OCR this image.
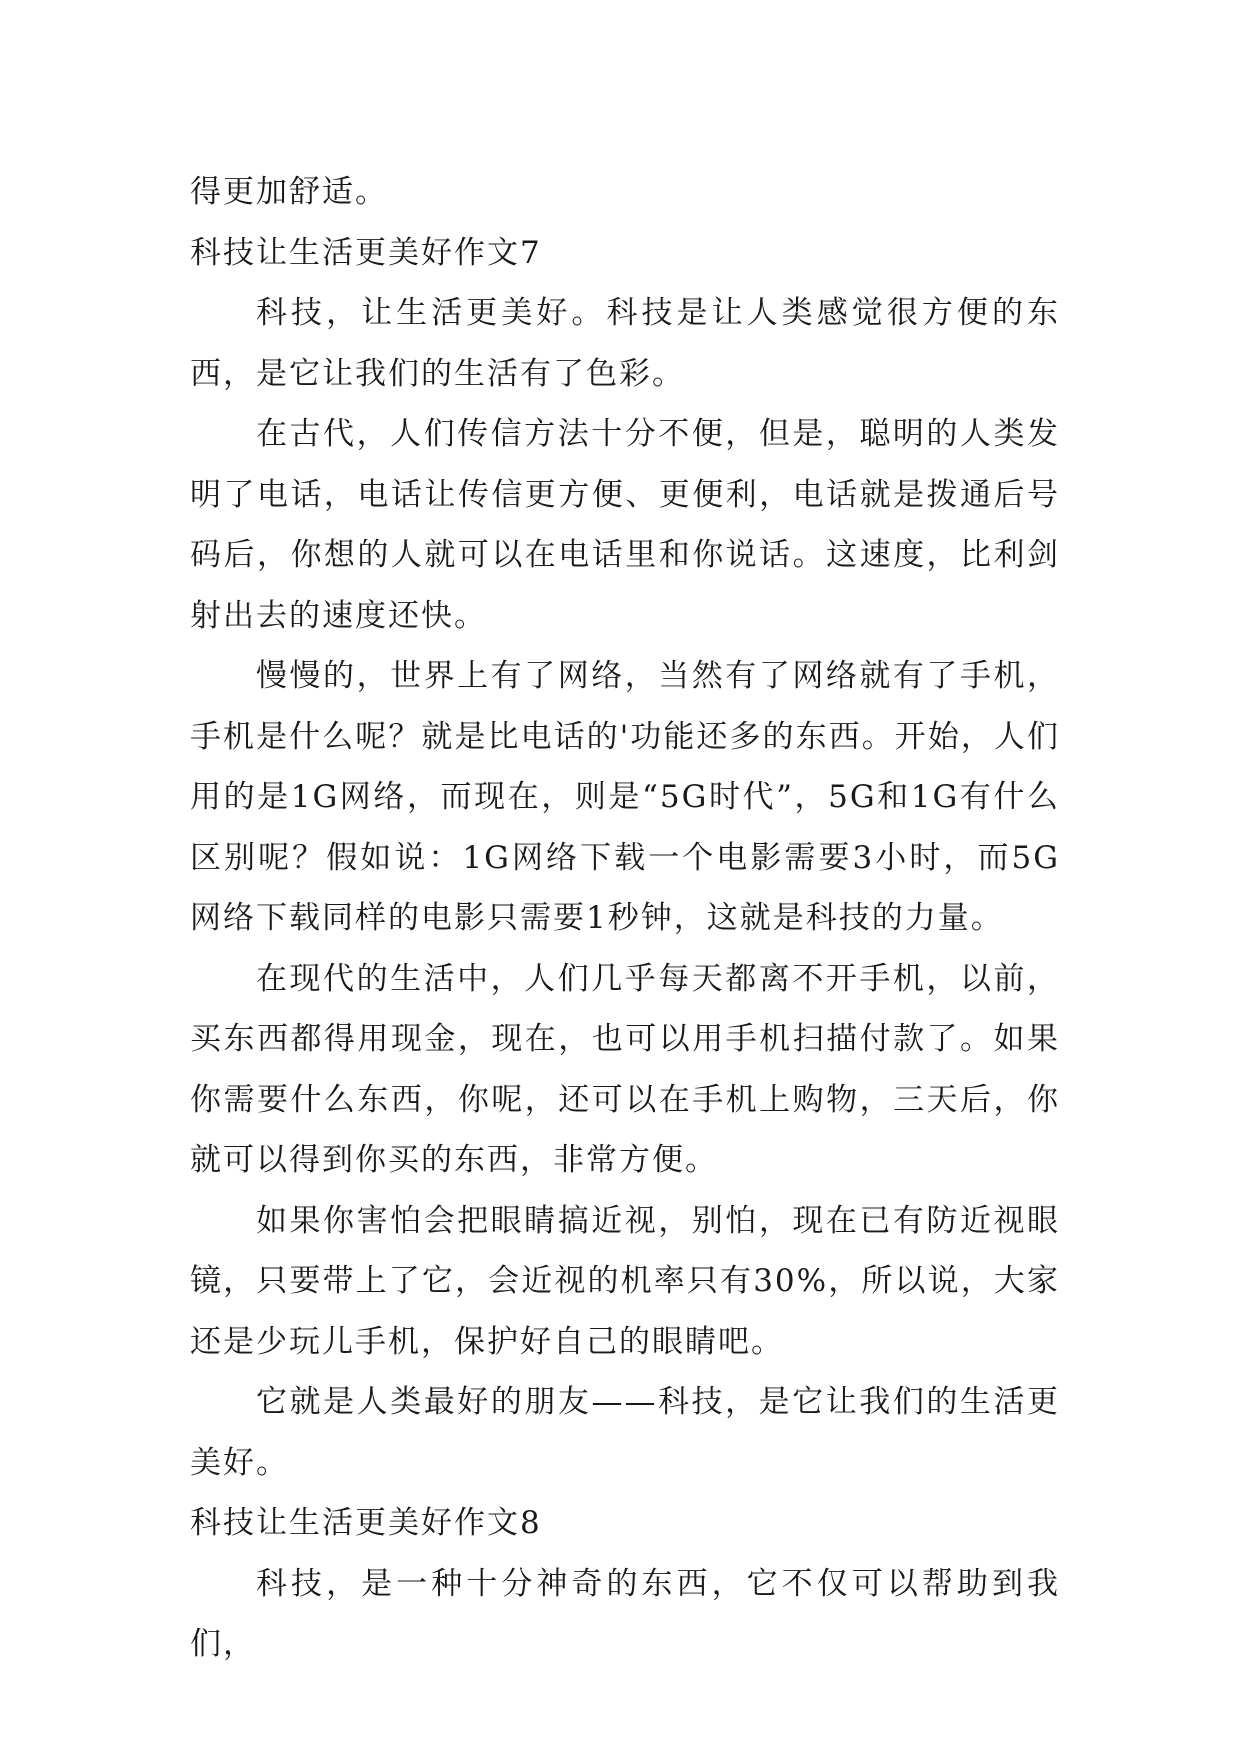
得更加舒适。

科技让生活更美好作文7

科技，让生活更美好。科技是让人类感觉很方便的东西，是它让我们的生活有了色彩。

在古代，人们传信方法十分不便，但是，聪明的人类发明了电话，电话让传信更方便、更便利，电话就是拨通后号码后，你想的人就可以在电话里和你说话。这速度，比利剑射出去的速度还快。

慢慢的，世界上有了网络，当然有了网络就有了手机，手机是什么呢？就是比电话的'功能还多的东西。开始，人们用的是1G网络，而现在，则是“5G时代”，5G和1G有什么区别呢？假如说：1G网络下载一个电影需要3小时，而5G网络下载同样的电影只需要1秒钟，这就是科技的力量。

在现代的生活中，人们几乎每天都离不开手机，以前，买东西都得用现金，现在，也可以用手机扫描付款了。如果你需要什么东西，你呢，还可以在手机上购物，三天后，你就可以得到你买的东西，非常方便。

如果你害怕会把眼睛搞近视，别怕，现在已有防近视眼镜，只要带上了它，会近视的机率只有30%，所以说，大家还是少玩儿手机，保护好自己的眼睛吧。

它就是人类最好的朋友——科技，是它让我们的生活更美好。

科技让生活更美好作文8

科技，是一种十分神奇的东西，它不仅可以帮助到我们，
